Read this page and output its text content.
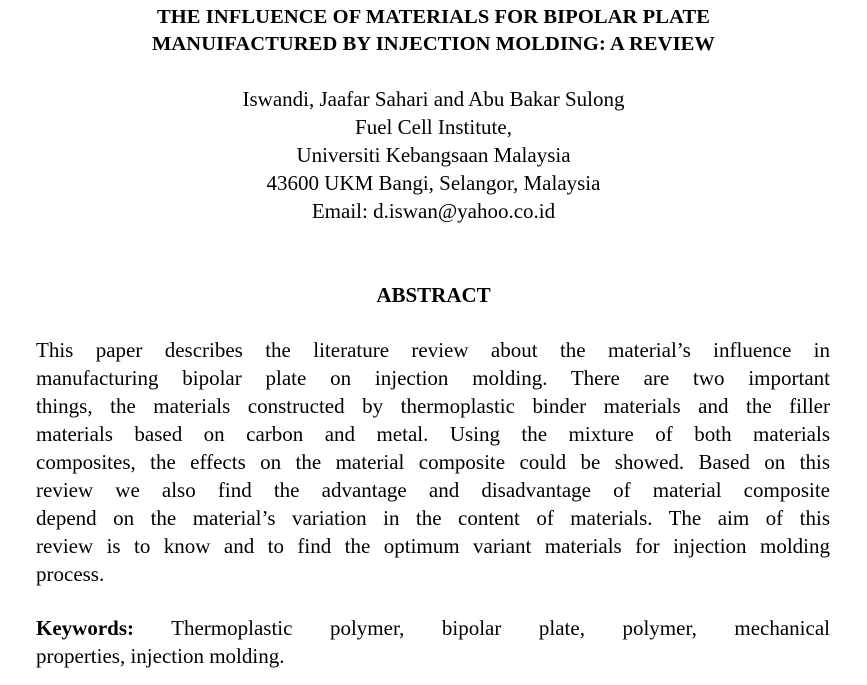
THE INFLUENCE OF MATERIALS FOR BIPOLAR PLATE
MANUIFACTURED BY INJECTION MOLDING: A REVIEW
Iswandi, Jaafar Sahari and Abu Bakar Sulong
Fuel Cell Institute,
Universiti Kebangsaan Malaysia
43600 UKM Bangi, Selangor, Malaysia
Email: d.iswan@yahoo.co.id
ABSTRACT
This paper describes the literature review about the material’s influence in
manufacturing bipolar plate on injection molding. There are two important
things, the materials constructed by thermoplastic binder materials and the filler
materials based on carbon and metal. Using the mixture of both materials
composites, the effects on the material composite could be showed. Based on this
review we also find the advantage and disadvantage of material composite
depend on the material’s variation in the content of materials. The aim of this
review is to know and to find the optimum variant materials for injection molding
process.
Keywords: Thermoplastic polymer, bipolar plate, polymer, mechanical
properties, injection molding.
